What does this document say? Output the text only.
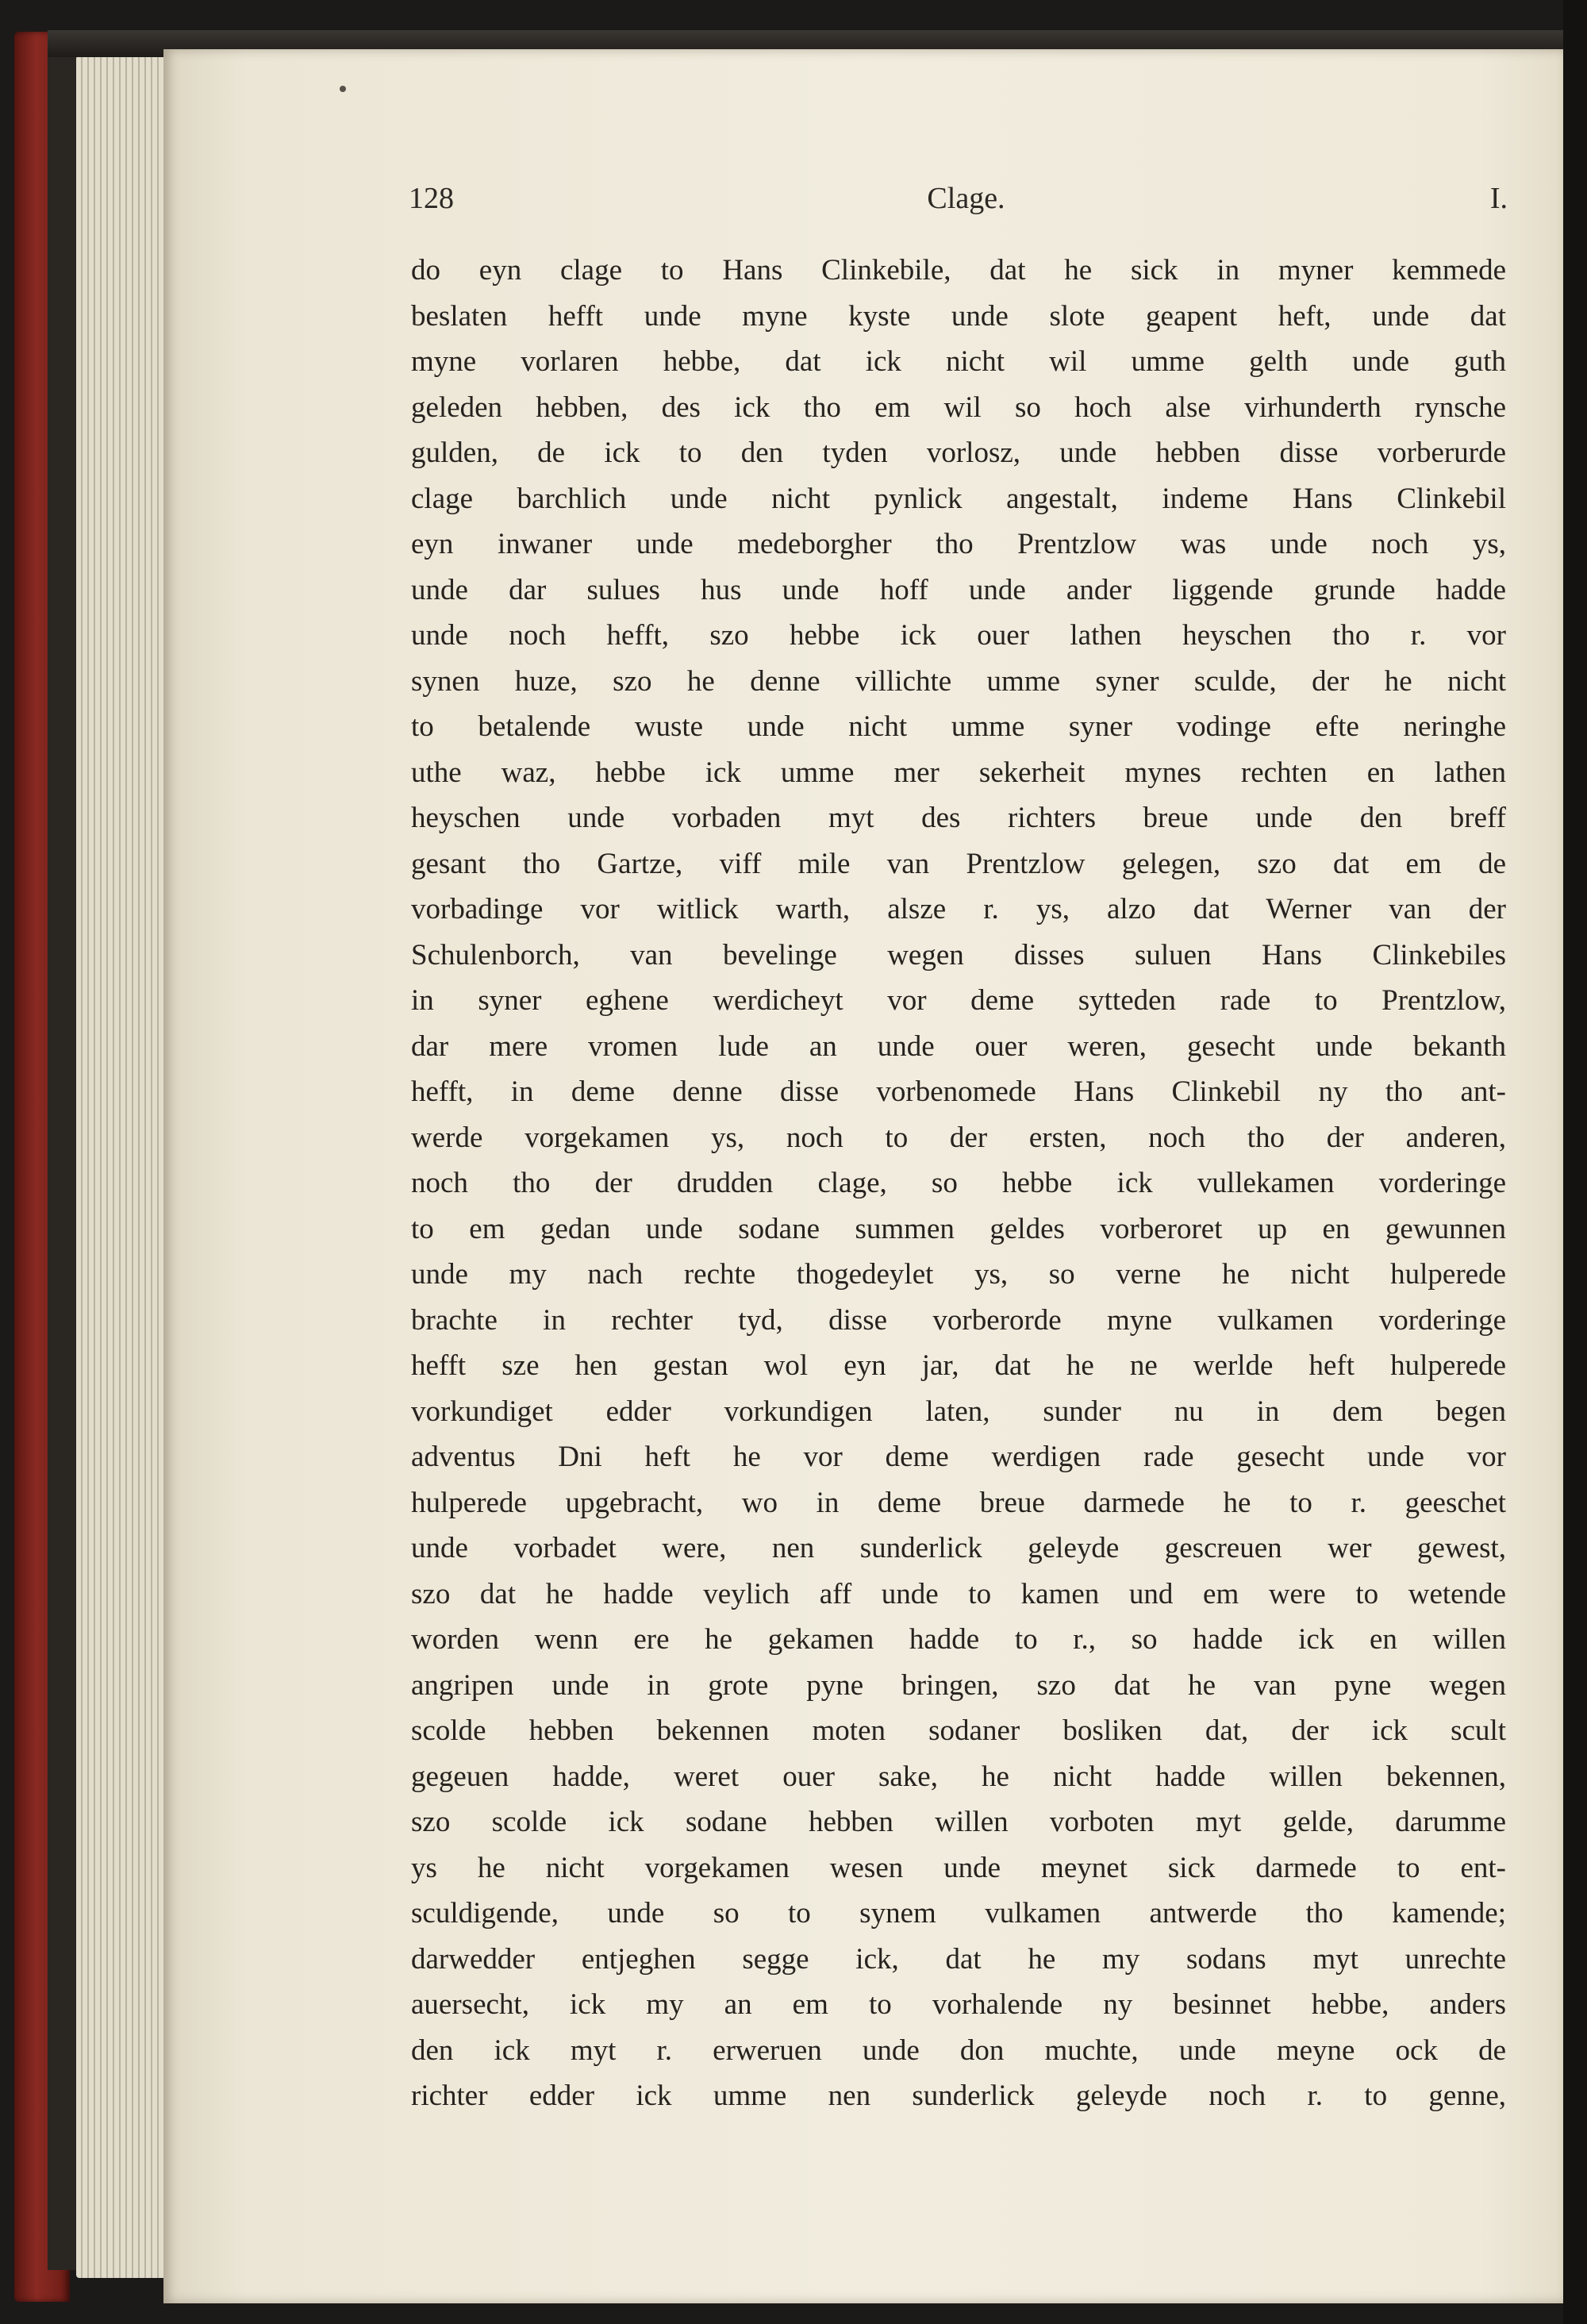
128	Clage.	I.
do eyn clage to Hans Clinkebile, dat he sick in myner kemmede
beslaten hefft unde myne kyste unde slote geapent heft, unde dat
myne vorlaren hebbe, dat ick nicht wil umme gelth unde guth
geleden hebben, des ick tho em wil so hoch alse virhunderth rynsche
gulden, de ick to den tyden vorlosz, unde hebben disse vorberurde
clage barchlich unde nicht pynlick angestalt, indeme Hans Clinkebil
eyn inwaner unde medeborgher tho Prentzlow was unde noch ys,
unde dar sulues hus unde hoff unde ander liggende grunde hadde
unde noch hefft, szo hebbe ick ouer lathen heyschen tho r. vor
synen huze, szo he denne villichte umme syner sculde, der he nicht
to betalende wuste unde nicht umme syner vodinge efte neringhe
uthe waz, hebbe ick umme mer sekerheit mynes rechten en lathen
heyschen unde vorbaden myt des richters breue unde den breff
gesant tho Gartze, viff mile van Prentzlow gelegen, szo dat em de
vorbadinge vor witlick warth, alsze r. ys, alzo dat Werner van der
Schulenborch, van bevelinge wegen disses suluen Hans Clinkebiles
in syner eghene werdicheyt vor deme sytteden rade to Prentzlow,
dar mere vromen lude an unde ouer weren, gesecht unde bekanth
hefft, in deme denne disse vorbenomede Hans Clinkebil ny tho ant-
werde vorgekamen ys, noch to der ersten, noch tho der anderen,
noch tho der drudden clage, so hebbe ick vullekamen vorderinge
to em gedan unde sodane summen geldes vorberoret up en gewunnen
unde my nach rechte thogedeylet ys, so verne he nicht hulperede
brachte in rechter tyd, disse vorberorde myne vulkamen vorderinge
hefft sze hen gestan wol eyn jar, dat he ne werlde heft hulperede
vorkundiget edder vorkundigen laten, sunder nu in dem begen
adventus Dni heft he vor deme werdigen rade gesecht unde vor
hulperede upgebracht, wo in deme breue darmede he to r. geeschet
unde vorbadet were, nen sunderlick geleyde gescreuen wer gewest,
szo dat he hadde veylich aff unde to kamen und em were to wetende
worden wenn ere he gekamen hadde to r., so hadde ick en willen
angripen unde in grote pyne bringen, szo dat he van pyne wegen
scolde hebben bekennen moten sodaner bosliken dat, der ick scult
gegeuen hadde, weret ouer sake, he nicht hadde willen bekennen,
szo scolde ick sodane hebben willen vorboten myt gelde, darumme
ys he nicht vorgekamen wesen unde meynet sick darmede to ent-
sculdigende, unde so to synem vulkamen antwerde tho kamende;
darwedder entjeghen segge ick, dat he my sodans myt unrechte
auersecht, ick my an em to vorhalende ny besinnet hebbe, anders
den ick myt r. erweruen unde don muchte, unde meyne ock de
richter edder ick umme nen sunderlick geleyde noch r. to genne,
